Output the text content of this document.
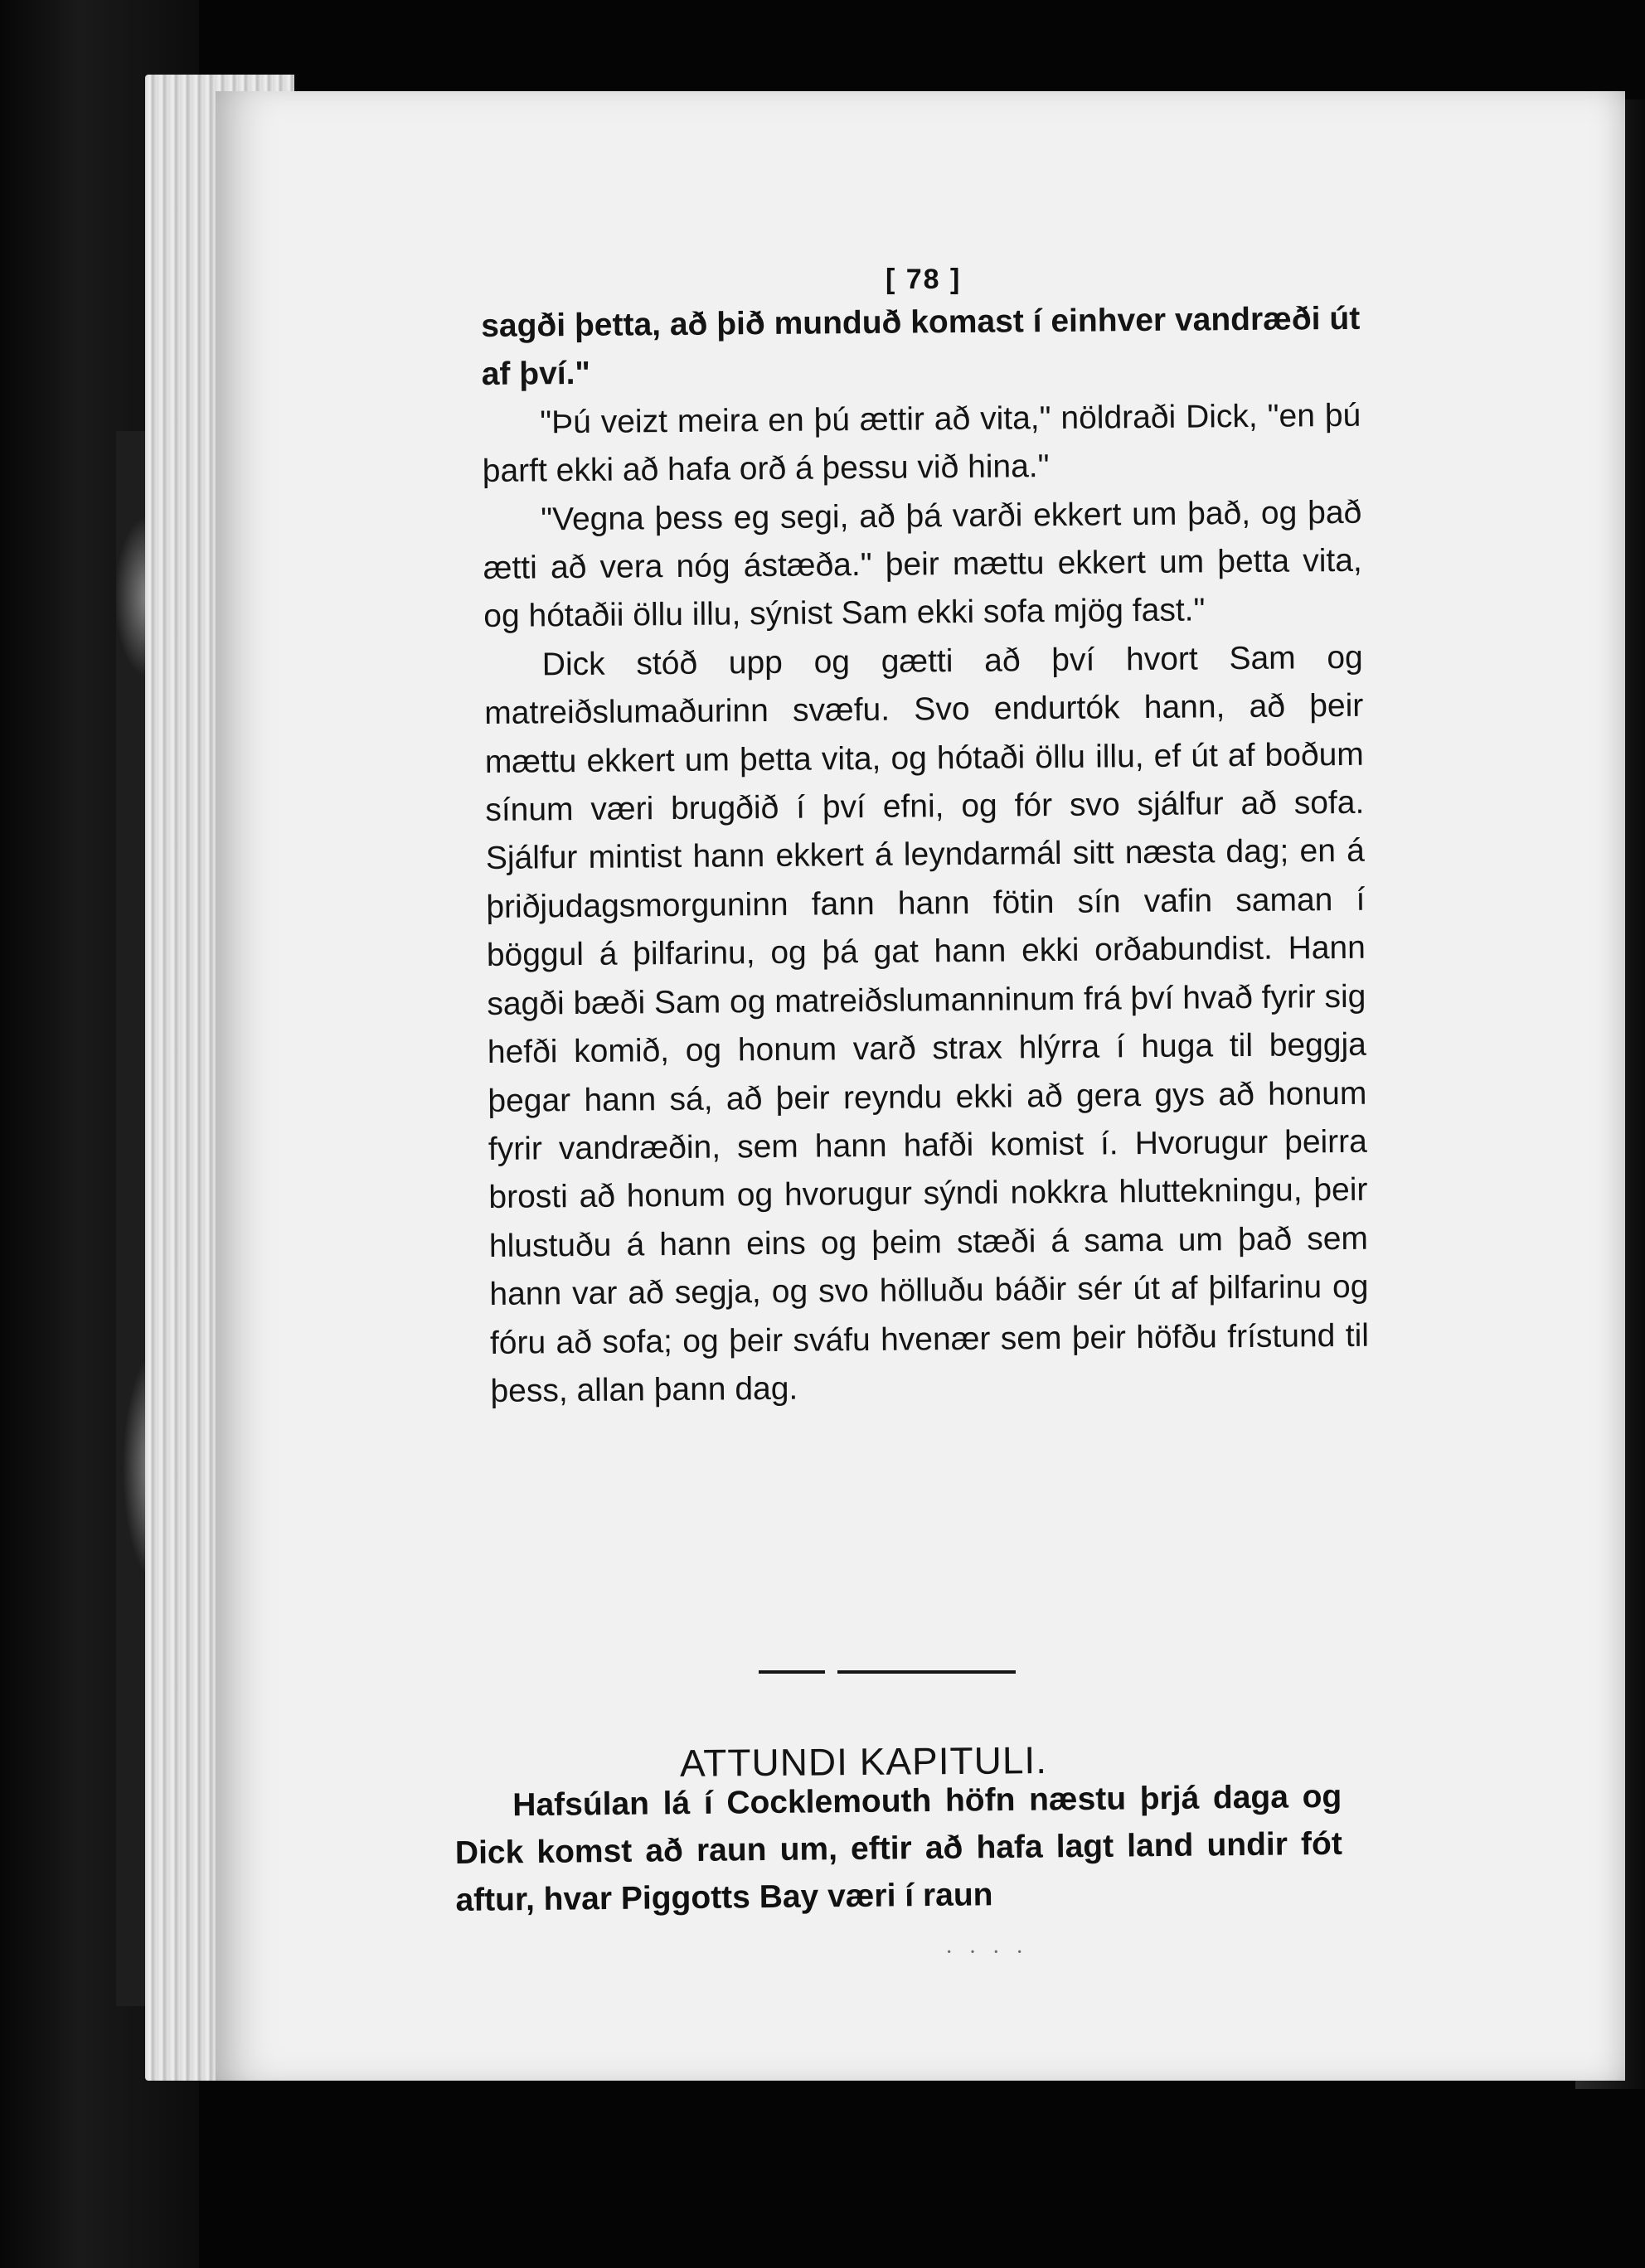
[ 78 ]

sagði þetta, að þið munduð komast í einhver vandræði út af því."

"Þú veizt meira en þú ættir að vita," nöldraði Dick, "en þú þarft ekki að hafa orð á þessu við hina."

"Vegna þess eg segi, að þá varði ekkert um það, og það ætti að vera nóg ástæða." þeir mættu ekkert um þetta vita, og hótaðii öllu illu, sýnist Sam ekki sofa mjög fast."

Dick stóð upp og gætti að því hvort Sam og matreiðslumaðurinn svæfu. Svo endurtók hann, að þeir mættu ekkert um þetta vita, og hótaði öllu illu, ef út af boðum sínum væri brugðið í því efni, og fór svo sjálfur að sofa. Sjálfur mintist hann ekkert á leyndarmál sitt næsta dag; en á þriðjudagsmorguninn fann hann fötin sín vafin saman í böggul á þilfarinu, og þá gat hann ekki orðabundist. Hann sagði bæði Sam og matreiðslumanninum frá því hvað fyrir sig hefði komið, og honum varð strax hlýrra í huga til beggja þegar hann sá, að þeir reyndu ekki að gera gys að honum fyrir vandræðin, sem hann hafði komist í. Hvorugur þeirra brosti að honum og hvorugur sýndi nokkra hluttekningu, þeir hlustuðu á hann eins og þeim stæði á sama um það sem hann var að segja, og svo hölluðu báðir sér út af þilfarinu og fóru að sofa; og þeir sváfu hvenær sem þeir höfðu frístund til þess, allan þann dag.

ATTUNDI KAPITULI.

Hafsúlan lá í Cocklemouth höfn næstu þrjá daga og Dick komst að raun um, eftir að hafa lagt land undir fót aftur, hvar Piggotts Bay væri í raun

· · · ·
